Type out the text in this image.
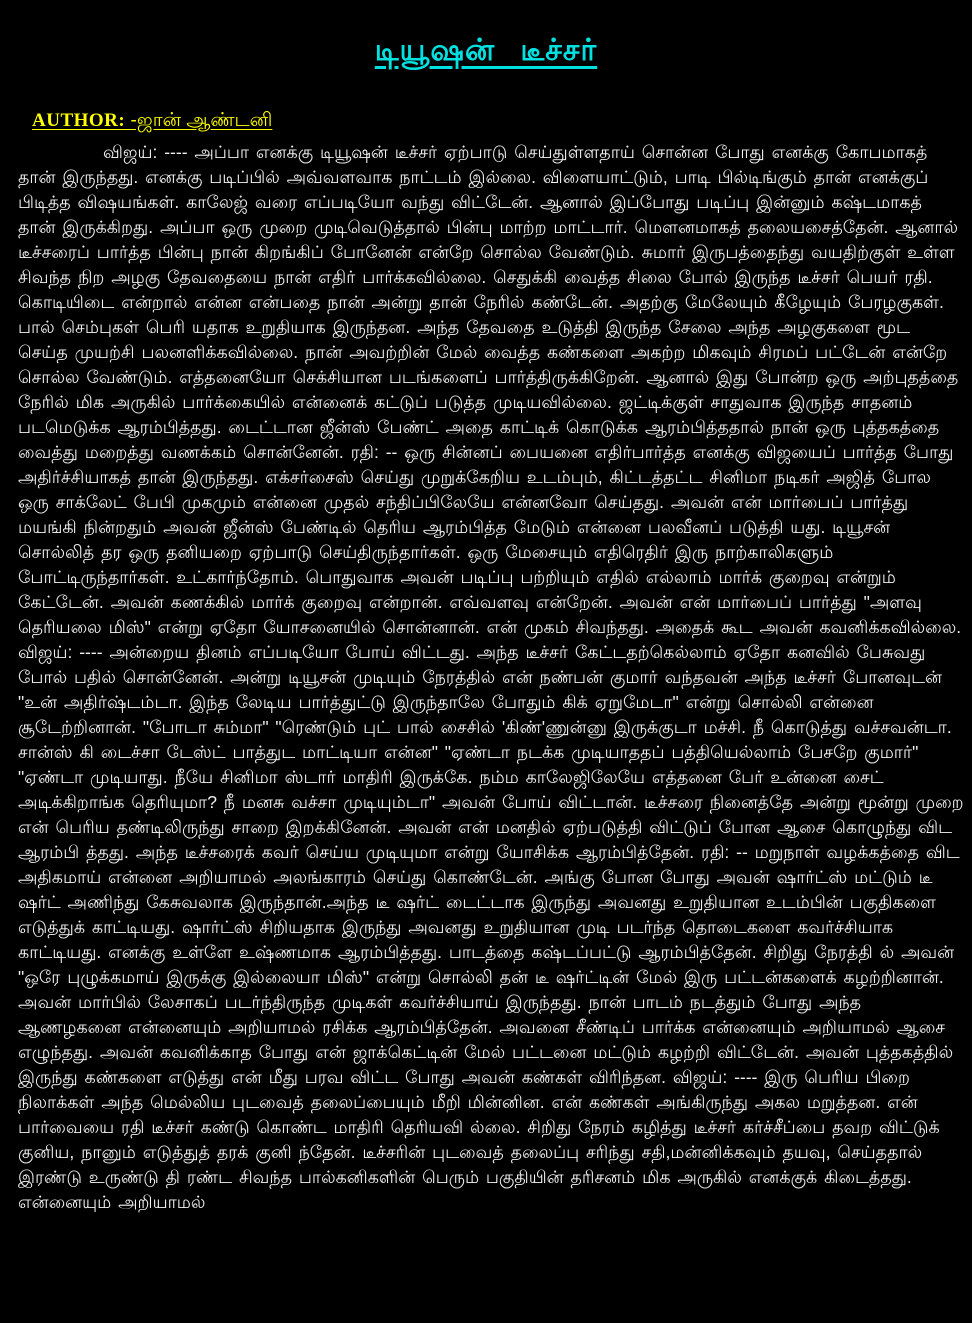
டியூஷன் டீச்சர்
AUTHOR: -ஜான் ஆண்டனி

விஜய்: ---- அப்பா எனக்கு டியூஷன் டீச்சர் ஏற்பாடு செய்துள்ளதாய் சொன்ன போது எனக்கு கோபமாகத் தான் இருந்தது. எனக்கு படிப்பில் அவ்வளவாக நாட்டம் இல்லை. விளையாட்டும், பாடி பில்டிங்கும் தான் எனக்குப் பிடித்த விஷயங்கள். காலேஜ் வரை எப்படியோ வந்து விட்டேன். ஆனால் இப்போது படிப்பு இன்னும் கஷ்டமாகத் தான் இருக்கிறது. அப்பா ஒரு முறை முடிவெடுத்தால் பின்பு மாற்ற மாட்டார். மௌனமாகத் தலையசைத்தேன். ஆனால் டீச்சரைப் பார்த்த பின்பு நான் கிறங்கிப் போனேன் என்றே சொல்ல வேண்டும். சுமார் இருபத்தைந்து வயதிற்குள் உள்ள சிவந்த நிற அழகு தேவதையை நான் எதிர் பார்க்கவில்லை. செதுக்கி வைத்த சிலை போல் இருந்த டீச்சர் பெயர் ரதி. கொடியிடை என்றால் என்ன என்பதை நான் அன்று தான் நேரில் கண்டேன். அதற்கு மேலேயும் கீழேயும் பேரழகுகள். பால் செம்புகள் பெரி யதாக உறுதியாக இருந்தன. அந்த தேவதை உடுத்தி இருந்த சேலை அந்த அழகுகளை மூட செய்த முயற்சி பலனளிக்கவில்லை. நான் அவற்றின் மேல் வைத்த கண்களை அகற்ற மிகவும் சிரமப் பட்டேன் என்றே சொல்ல வேண்டும். எத்தனையோ செக்சியான படங்களைப் பார்த்திருக்கிறேன். ஆனால் இது போன்ற ஒரு அற்புதத்தை நேரில் மிக அருகில் பார்க்கையில் என்னைக் கட்டுப் படுத்த முடியவில்லை. ஜட்டிக்குள் சாதுவாக இருந்த சாதனம் படமெடுக்க ஆரம்பித்தது. டைட்டான ஜீன்ஸ் பேண்ட் அதை காட்டிக் கொடுக்க ஆரம்பித்ததால் நான் ஒரு புத்தகத்தை வைத்து மறைத்து வணக்கம் சொன்னேன். ரதி: -- ஒரு சின்னப் பையனை எதிர்பார்த்த எனக்கு விஜயைப் பார்த்த போது அதிர்ச்சியாகத் தான் இருந்தது. எக்சர்சைஸ் செய்து முறுக்கேறிய உடம்பும், கிட்டத்தட்ட சினிமா நடிகர் அஜித் போல ஒரு சாக்லேட் பேபி முகமும் என்னை முதல் சந்திப்பிலேயே என்னவோ செய்தது. அவன் என் மார்பைப் பார்த்து மயங்கி நின்றதும் அவன் ஜீன்ஸ் பேண்டில் தெரிய ஆரம்பித்த மேடும் என்னை பலவீனப் படுத்தி யது. டியூசன் சொல்லித் தர ஒரு தனியறை ஏற்பாடு செய்திருந்தார்கள். ஒரு மேசையும் எதிரெதிர் இரு நாற்காலிகளும் போட்டிருந்தார்கள். உட்கார்ந்தோம். பொதுவாக அவன் படிப்பு பற்றியும் எதில் எல்லாம் மார்க் குறைவு என்றும் கேட்டேன். அவன் கணக்கில் மார்க் குறைவு என்றான். எவ்வளவு என்றேன். அவன் என் மார்பைப் பார்த்து "அளவு தெரியலை மிஸ்" என்று ஏதோ யோசனையில் சொன்னான். என் முகம் சிவந்தது. அதைக் கூட அவன் கவனிக்கவில்லை. விஜய்: ---- அன்றைய தினம் எப்படியோ போய் விட்டது. அந்த டீச்சர் கேட்டதற்கெல்லாம் ஏதோ கனவில் பேசுவது போல் பதில் சொன்னேன். அன்று டியூசன் முடியும் நேரத்தில் என் நண்பன் குமார் வந்தவன் அந்த டீச்சர் போனவுடன் "உன் அதிர்ஷ்டம்டா. இந்த லேடிய பார்த்துட்டு இருந்தாலே போதும் கிக் ஏறுமேடா" என்று சொல்லி என்னை சூடேற்றினான். "போடா சும்மா" "ரெண்டும் புட் பால் சைசில் 'கிண்'ணுன்னு இருக்குடா மச்சி. நீ கொடுத்து வச்சவன்டா. சான்ஸ் கி டைச்சா டேஸ்ட் பாத்துட மாட்டியா என்ன" "ஏண்டா நடக்க முடியாததப் பத்தியெல்லாம் பேசறே குமார்" "ஏண்டா முடியாது. நீயே சினிமா ஸ்டார் மாதிரி இருக்கே. நம்ம காலேஜிலேயே எத்தனை பேர் உன்னை சைட் அடிக்கிறாங்க தெரியுமா? நீ மனசு வச்சா முடியும்டா" அவன் போய் விட்டான். டீச்சரை நினைத்தே அன்று மூன்று முறை என் பெரிய தண்டிலிருந்து சாறை இறக்கினேன். அவன் என் மனதில் ஏற்படுத்தி விட்டுப் போன ஆசை கொழுந்து விட ஆரம்பி த்தது. அந்த டீச்சரைக் கவர் செய்ய முடியுமா என்று யோசிக்க ஆரம்பித்தேன். ரதி: -- மறுநாள் வழக்கத்தை விட அதிகமாய் என்னை அறியாமல் அலங்காரம் செய்து கொண்டேன். அங்கு போன போது அவன் ஷார்ட்ஸ் மட்டும் டீ ஷர்ட் அணிந்து கேசுவலாக இருந்தான்.அந்த டீ ஷர்ட் டைட்டாக இருந்து அவனது உறுதியான உடம்பின் பகுதிகளை எடுத்துக் காட்டியது. ஷார்ட்ஸ் சிறியதாக இருந்து அவனது உறுதியான முடி படர்ந்த தொடைகளை கவர்ச்சியாக காட்டியது. எனக்கு உள்ளே உஷ்ணமாக ஆரம்பித்தது. பாடத்தை கஷ்டப்பட்டு ஆரம்பித்தேன். சிறிது நேரத்தி ல் அவன் "ஒரே புழுக்கமாய் இருக்கு இல்லையா மிஸ்" என்று சொல்லி தன் டீ ஷர்ட்டின் மேல் இரு பட்டன்களைக் கழற்றினான். அவன் மார்பில் லேசாகப் படர்ந்திருந்த முடிகள் கவர்ச்சியாய் இருந்தது. நான் பாடம் நடத்தும் போது அந்த ஆணழகனை என்னையும் அறியாமல் ரசிக்க ஆரம்பித்தேன். அவனை சீண்டிப் பார்க்க என்னையும் அறியாமல் ஆசை எழுந்தது. அவன் கவனிக்காத போது என் ஜாக்கெட்டின் மேல் பட்டனை மட்டும் கழற்றி விட்டேன். அவன் புத்தகத்தில் இருந்து கண்களை எடுத்து என் மீது பரவ விட்ட போது அவன் கண்கள் விரிந்தன. விஜய்: ---- இரு பெரிய பிறை நிலாக்கள் அந்த மெல்லிய புடவைத் தலைப்பையும் மீறி மின்னின. என் கண்கள் அங்கிருந்து அகல மறுத்தன. என் பார்வையை ரதி டீச்சர் கண்டு கொண்ட மாதிரி தெரியவி ல்லை. சிறிது நேரம் கழித்து டீச்சர் கர்ச்சீப்பை தவற விட்டுக் குனிய, நானும் எடுத்துத் தரக் குனி ந்தேன். டீச்சரின் புடவைத் தலைப்பு சரிந்து சதி,மன்னிக்கவும் தயவு, செய்ததால் இரண்டு உருண்டு தி ரண்ட சிவந்த பால்கனிகளின் பெரும் பகுதியின் தரிசனம் மிக அருகில் எனக்குக் கிடைத்தது. என்னையும் அறியாமல்
